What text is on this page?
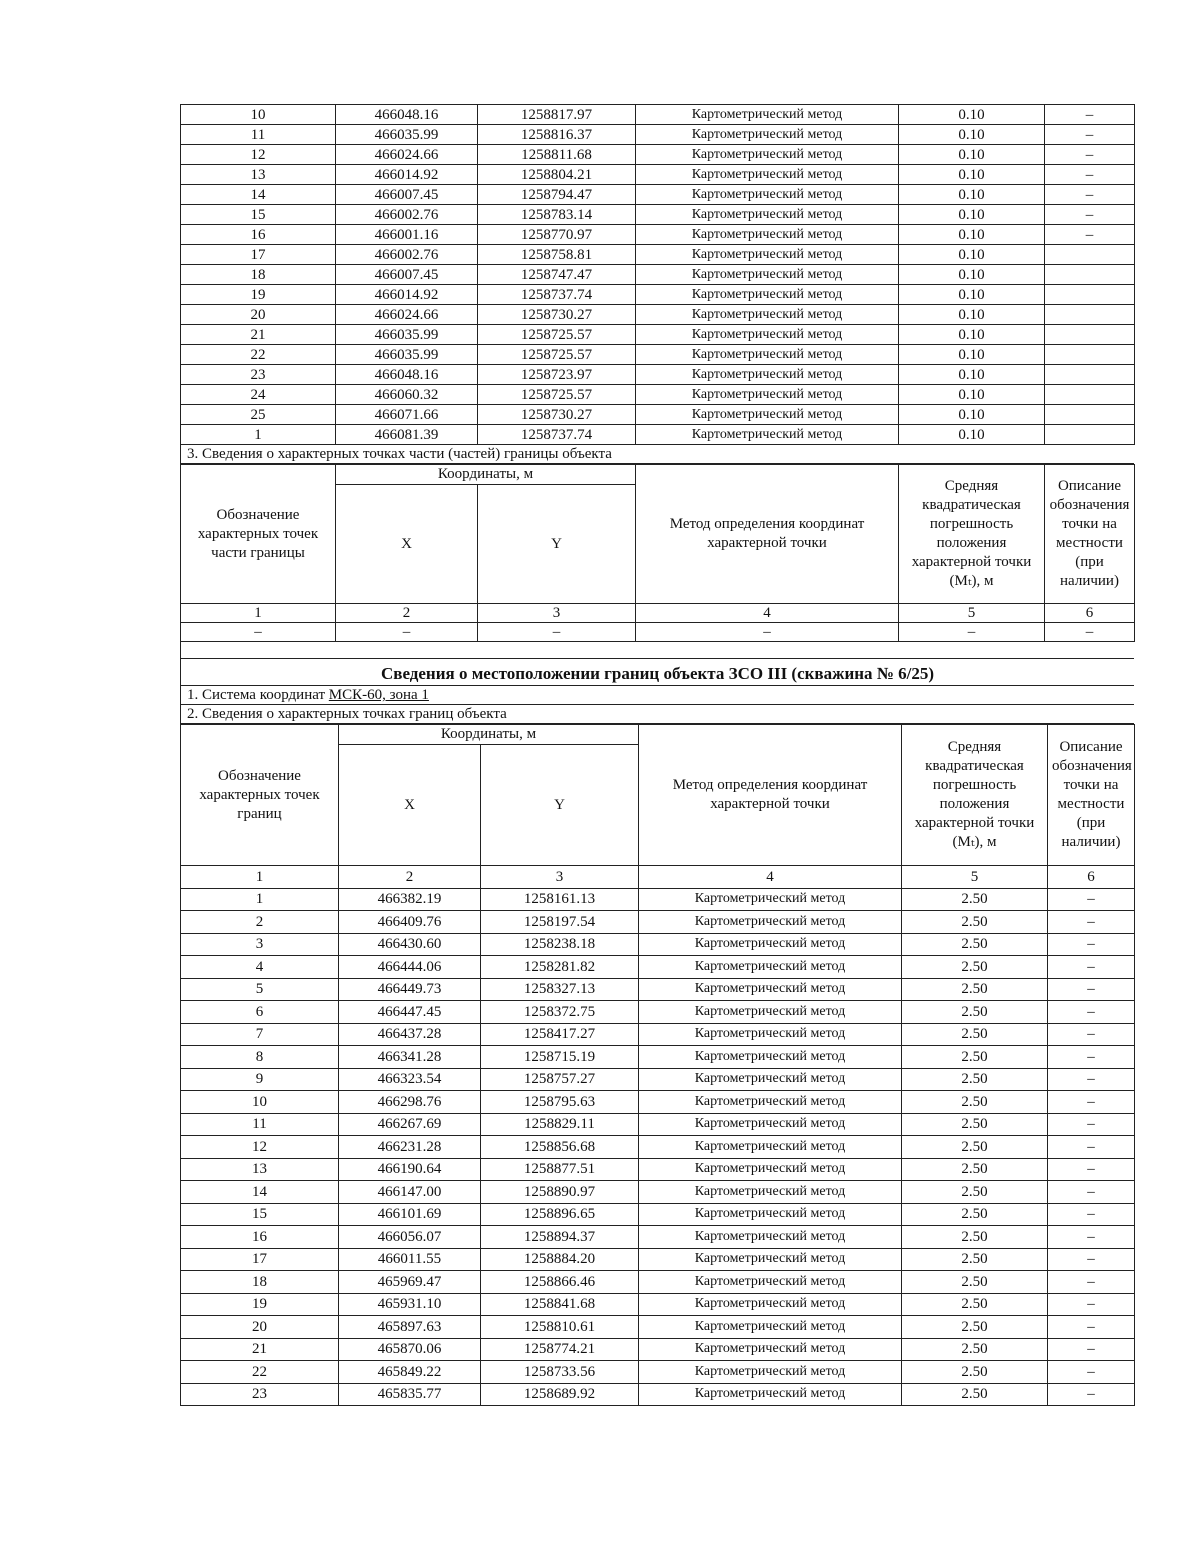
10	466048.16	1258817.97	Картометрический метод	0.10	–
11	466035.99	1258816.37	Картометрический метод	0.10	–
12	466024.66	1258811.68	Картометрический метод	0.10	–
13	466014.92	1258804.21	Картометрический метод	0.10	–
14	466007.45	1258794.47	Картометрический метод	0.10	–
15	466002.76	1258783.14	Картометрический метод	0.10	–
16	466001.16	1258770.97	Картометрический метод	0.10	–
17	466002.76	1258758.81	Картометрический метод	0.10	
18	466007.45	1258747.47	Картометрический метод	0.10	
19	466014.92	1258737.74	Картометрический метод	0.10	
20	466024.66	1258730.27	Картометрический метод	0.10	
21	466035.99	1258725.57	Картометрический метод	0.10	
22	466035.99	1258725.57	Картометрический метод	0.10	
23	466048.16	1258723.97	Картометрический метод	0.10	
24	466060.32	1258725.57	Картометрический метод	0.10	
25	466071.66	1258730.27	Картометрический метод	0.10	
1	466081.39	1258737.74	Картометрический метод	0.10	
3. Сведения о характерных точках части (частей) границы объекта
Обозначение характерных точек части границы	Координаты, м		Метод определения координат характерной точки	Средняя квадратическая погрешность положения характерной точки (Mₜ), м	Описание обозначения точки на местности (при наличии)
	X	Y			
1	2	3	4	5	6
–	–	–	–	–	–
Сведения о местоположении границ объекта ЗСО III (скважина № 6/25)
1. Система координат МСК-60, зона 1
2. Сведения о характерных точках границ объекта
Обозначение характерных точек границ	Координаты, м		Метод определения координат характерной точки	Средняя квадратическая погрешность положения характерной точки (Mₜ), м	Описание обозначения точки на местности (при наличии)
	X	Y			
1	2	3	4	5	6
1	466382.19	1258161.13	Картометрический метод	2.50	–
2	466409.76	1258197.54	Картометрический метод	2.50	–
3	466430.60	1258238.18	Картометрический метод	2.50	–
4	466444.06	1258281.82	Картометрический метод	2.50	–
5	466449.73	1258327.13	Картометрический метод	2.50	–
6	466447.45	1258372.75	Картометрический метод	2.50	–
7	466437.28	1258417.27	Картометрический метод	2.50	–
8	466341.28	1258715.19	Картометрический метод	2.50	–
9	466323.54	1258757.27	Картометрический метод	2.50	–
10	466298.76	1258795.63	Картометрический метод	2.50	–
11	466267.69	1258829.11	Картометрический метод	2.50	–
12	466231.28	1258856.68	Картометрический метод	2.50	–
13	466190.64	1258877.51	Картометрический метод	2.50	–
14	466147.00	1258890.97	Картометрический метод	2.50	–
15	466101.69	1258896.65	Картометрический метод	2.50	–
16	466056.07	1258894.37	Картометрический метод	2.50	–
17	466011.55	1258884.20	Картометрический метод	2.50	–
18	465969.47	1258866.46	Картометрический метод	2.50	–
19	465931.10	1258841.68	Картометрический метод	2.50	–
20	465897.63	1258810.61	Картометрический метод	2.50	–
21	465870.06	1258774.21	Картометрический метод	2.50	–
22	465849.22	1258733.56	Картометрический метод	2.50	–
23	465835.77	1258689.92	Картометрический метод	2.50	–
